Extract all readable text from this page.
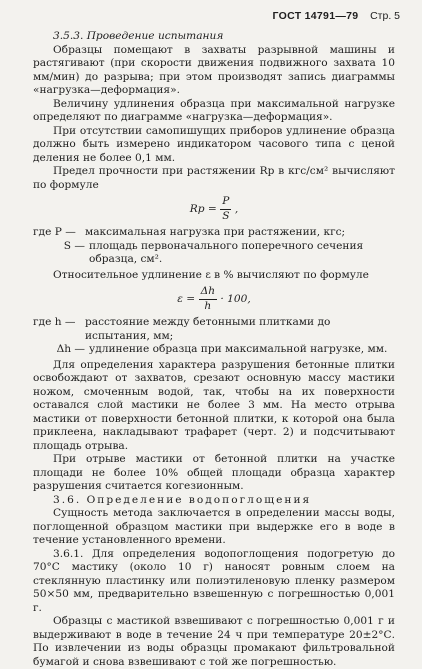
ГОСТ 14791—79 Стр. 5

3.5.3. Проведение испытания

Образцы помещают в захваты разрывной машины и растягивают (при скорости движения подвижного захвата 10 мм/мин) до разрыва; при этом производят запись диаграммы «нагрузка—деформация».

Величину удлинения образца при максимальной нагрузке определяют по диаграмме «нагрузка—деформация».

При отсутствии самопишущих приборов удлинение образца должно быть измерено индикатором часового типа с ценой деления не более 0,1 мм.

Предел прочности при растяжении Rр в кгс/см² вычисляют по формуле

Rр = $\frac{P}{S}$ ,
где P — максимальная нагрузка при растяжении, кгс;
S — площадь первоначального поперечного сечения образца, см².

Относительное удлинение ε в % вычисляют по формуле

$\varepsilon = \frac{\Delta h}{h} \cdot 100$,
где h — расстояние между бетонными плитками до испытания, мм;
Δh — удлинение образца при максимальной нагрузке, мм.

Для определения характера разрушения бетонные плитки освобождают от захватов, срезают основную массу мастики ножом, смоченным водой, так, чтобы на их поверхности оставался слой мастики не более 3 мм. На место отрыва мастики от поверхности бетонной плитки, к которой она была приклеена, накладывают трафарет (черт. 2) и подсчитывают площадь отрыва.

При отрыве мастики от бетонной плитки на участке площади не более 10% общей площади образца характер разрушения считается когезионным.

3.6. Определение водопоглощения

Сущность метода заключается в определении массы воды, поглощенной образцом мастики при выдержке его в воде в течение установленного времени.

3.6.1. Для определения водопоглощения подогретую до 70°С мастику (около 10 г) наносят ровным слоем на стеклянную пластинку или полиэтиленовую пленку размером 50×50 мм, предварительно взвешенную с погрешностью 0,001 г.

Образцы с мастикой взвешивают с погрешностью 0,001 г и выдерживают в воде в течение 24 ч при температуре 20±2°С. По извлечении из воды образцы промакают фильтровальной бумагой и снова взвешивают с той же погрешностью.
